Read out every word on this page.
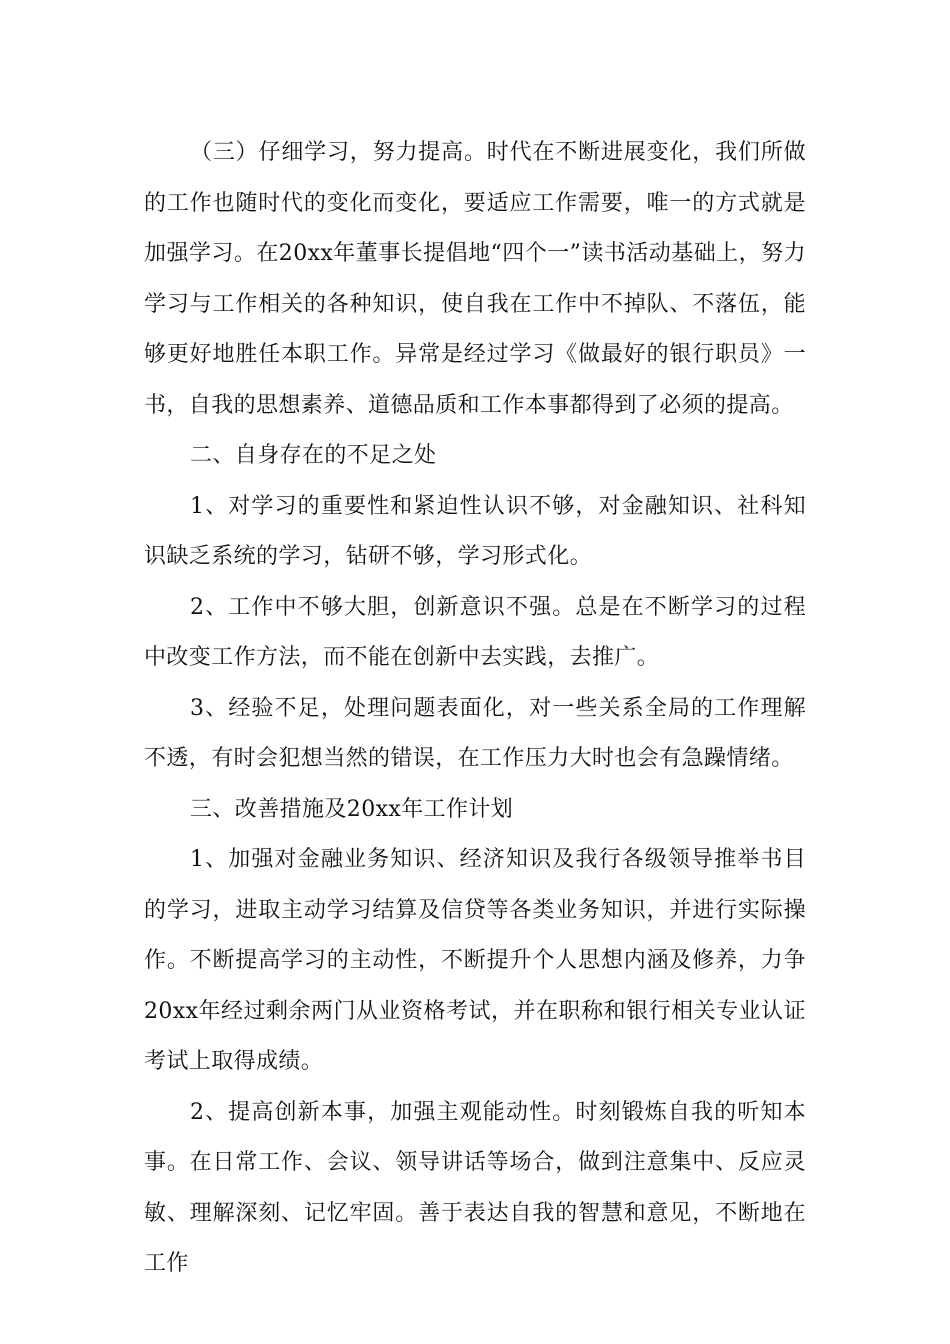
（三）仔细学习，努力提高。时代在不断进展变化，我们所做的工作也随时代的变化而变化，要适应工作需要，唯一的方式就是加强学习。在20xx年董事长提倡地“四个一”读书活动基础上，努力学习与工作相关的各种知识，使自我在工作中不掉队、不落伍，能够更好地胜任本职工作。异常是经过学习《做最好的银行职员》一书，自我的思想素养、道德品质和工作本事都得到了必须的提高。

二、自身存在的不足之处

1、对学习的重要性和紧迫性认识不够，对金融知识、社科知识缺乏系统的学习，钻研不够，学习形式化。

2、工作中不够大胆，创新意识不强。总是在不断学习的过程中改变工作方法，而不能在创新中去实践，去推广。

3、经验不足，处理问题表面化，对一些关系全局的工作理解不透，有时会犯想当然的错误，在工作压力大时也会有急躁情绪。

三、改善措施及20xx年工作计划

1、加强对金融业务知识、经济知识及我行各级领导推举书目的学习，进取主动学习结算及信贷等各类业务知识，并进行实际操作。不断提高学习的主动性，不断提升个人思想内涵及修养，力争20xx年经过剩余两门从业资格考试，并在职称和银行相关专业认证考试上取得成绩。

2、提高创新本事，加强主观能动性。时刻锻炼自我的听知本事。在日常工作、会议、领导讲话等场合，做到注意集中、反应灵敏、理解深刻、记忆牢固。善于表达自我的智慧和意见，不断地在工作
